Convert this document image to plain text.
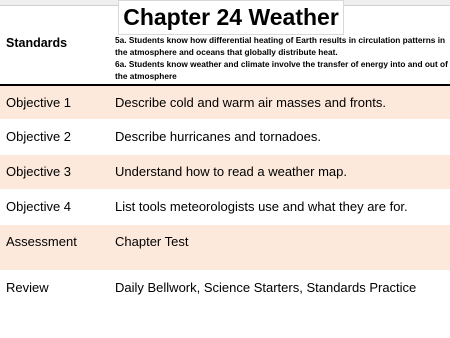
Chapter 24 Weather
Standards	5a. Students know how differential heating of Earth results in circulation patterns in the atmosphere and oceans that globally distribute heat.
6a. Students know weather and climate involve the transfer of energy into and out of the atmosphere

Objective 1	Describe cold and warm air masses and fronts.
Objective 2	Describe hurricanes and tornadoes.
Objective 3	Understand how to read a weather map.
Objective 4	List tools meteorologists use and what they are for.
Assessment	Chapter Test
Review	Daily Bellwork, Science Starters, Standards Practice
